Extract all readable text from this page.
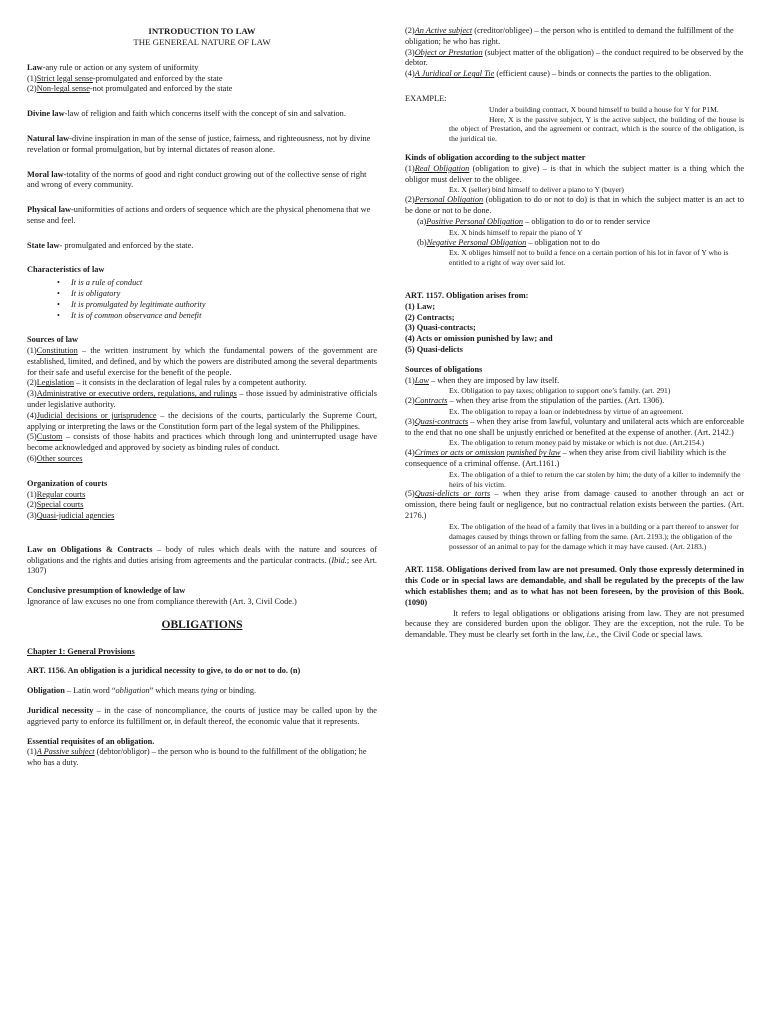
INTRODUCTION TO LAW

THE GENEREAL NATURE OF LAW

Law-any rule or action or any system of uniformity

(1)Strict legal sense-promulgated and enforced by the state

(2)Non-legal sense-not promulgated and enforced by the state

Divine law-law of religion and faith which concerns itself with the concept of sin and salvation.

Natural law-divine inspiration in man of the sense of justice, fairness, and righteousness, not by divine revelation or formal promulgation, but by internal dictates of reason alone.

Moral law-totality of the norms of good and right conduct growing out of the collective sense of right and wrong of every community.

Physical law-uniformities of actions and orders of sequence which are the physical phenomena that we sense and feel.

State law- promulgated and enforced by the state.

Characteristics of law

• It is a rule of conduct
• It is obligatory
• It is promulgated by legitimate authority
• It is of common observance and benefit

Sources of law

(1)Constitution – the written instrument by which the fundamental powers of the government are established, limited, and defined, and by which the powers are distributed among the several departments for their safe and useful exercise for the benefit of the people.

(2)Legislation – it consists in the declaration of legal rules by a competent authority.

(3)Administrative or executive orders, regulations, and rulings – those issued by administrative officials under legislative authority.

(4)Judicial decisions or jurisprudence – the decisions of the courts, particularly the Supreme Court, applying or interpreting the laws or the Constitution form part of the legal system of the Philippines.

(5)Custom – consists of those habits and practices which through long and uninterrupted usage have become acknowledged and approved by society as binding rules of conduct.

(6)Other sources

Organization of courts

(1)Regular courts

(2)Special courts

(3)Quasi-judicial agencies

Law on Obligations & Contracts – body of rules which deals with the nature and sources of obligations and the rights and duties arising from agreements and the particular contracts. (Ibid.; see Art. 1307)

Conclusive presumption of knowledge of law

Ignorance of law excuses no one from compliance therewith (Art. 3, Civil Code.)

OBLIGATIONS

Chapter 1: General Provisions

ART. 1156. An obligation is a juridical necessity to give, to do or not to do. (n)

Obligation – Latin word “obligation” which means tying or binding.

Juridical necessity – in the case of noncompliance, the courts of justice may be called upon by the aggrieved party to enforce its fulfillment or, in default thereof, the economic value that it represents.

Essential requisites of an obligation.

(1)A Passive subject (debtor/obligor) – the person who is bound to the fulfillment of the obligation; he who has a duty.

(2)An Active subject (creditor/obligee) – the person who is entitled to demand the fulfillment of the obligation; he who has right.

(3)Object or Prestation (subject matter of the obligation) – the conduct required to be observed by the debtor.

(4)A Juridical or Legal Tie (efficient cause) – binds or connects the parties to the obligation.

EXAMPLE:

Under a building contract, X bound himself to build a house for Y for P1M.

Here, X is the passive subject, Y is the active subject, the building of the house is the object of Prestation, and the agreement or contract, which is the source of the obligation, is the juridical tie.

Kinds of obligation according to the subject matter

(1)Real Obligation (obligation to give) – is that in which the subject matter is a thing which the obligor must deliver to the obligee.

Ex. X (seller) bind himself to deliver a piano to Y (buyer)

(2)Personal Obligation (obligation to do or not to do) is that in which the subject matter is an act to be done or not to be done.

(a)Positive Personal Obligation – obligation to do or to render service

Ex. X binds himself to repair the piano of Y

(b)Negative Personal Obligation – obligation not to do

Ex. X obliges himself not to build a fence on a certain portion of his lot in favor of Y who is entitled to a right of way over said lot.

ART. 1157. Obligation arises from:

(1) Law;

(2) Contracts;

(3) Quasi-contracts;

(4) Acts or omission punished by law; and

(5) Quasi-delicts

Sources of obligations

(1)Law – when they are imposed by law itself.

Ex. Obligation to pay taxes; obligation to support one’s family. (art. 291)

(2)Contracts – when they arise from the stipulation of the parties. (Art. 1306).

Ex. The obligation to repay a loan or indebtedness by virtue of an agreement.

(3)Quasi-contracts – when they arise from lawful, voluntary and unilateral acts which are enforceable to the end that no one shall be unjustly enriched or benefited at the expense of another. (Art. 2142.)

Ex. The obligation to return money paid by mistake or which is not due. (Art.2154.)

(4)Crimes or acts or omission punished by law – when they arise from civil liability which is the consequence of a criminal offense. (Art.1161.)

Ex. The obligation of a thief to return the car stolen by him; the duty of a killer to indemnify the heirs of his victim.

(5)Quasi-delicts or torts – when they arise from damage caused to another through an act or omission, there being fault or negligence, but no contractual relation exists between the parties. (Art. 2176.)

Ex. The obligation of the head of a family that lives in a building or a part thereof to answer for damages caused by things thrown or falling from the same. (Art. 2193.); the obligation of the possessor of an animal to pay for the damage which it may have caused. (Art. 2183.)

ART. 1158. Obligations derived from law are not presumed. Only those expressly determined in this Code or in special laws are demandable, and shall be regulated by the precepts of the law which establishes them; and as to what has not been foreseen, by the provision of this Book. (1090)

It refers to legal obligations or obligations arising from law. They are not presumed because they are considered burden upon the obligor. They are the exception, not the rule. To be demandable. They must be clearly set forth in the law, i.e., the Civil Code or special laws.
